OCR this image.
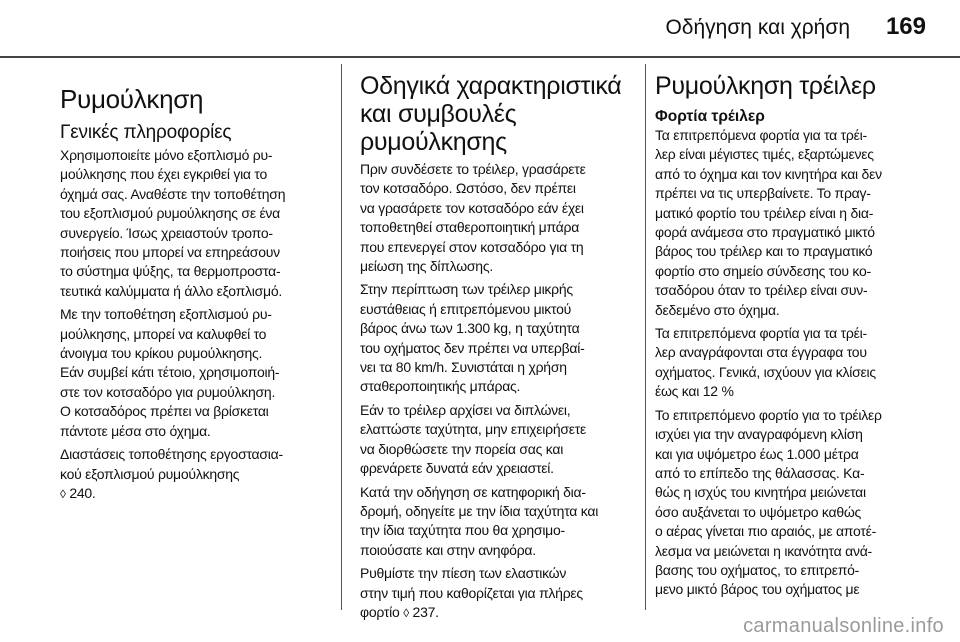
Οδήγηση και χρήση 169
Ρυμούλκηση
Γενικές πληροφορίες

Χρησιμοποιείτε μόνο εξοπλισμό ρυ-
μούλκησης που έχει εγκριθεί για το
όχημά σας. Αναθέστε την τοποθέτηση
του εξοπλισμού ρυμούλκησης σε ένα
συνεργείο. Ίσως χρειαστούν τροπο-
ποιήσεις που μπορεί να επηρεάσουν
το σύστημα ψύξης, τα θερμοπροστα-
τευτικά καλύμματα ή άλλο εξοπλισμό.

Με την τοποθέτηση εξοπλισμού ρυ-
μούλκησης, μπορεί να καλυφθεί το
άνοιγμα του κρίκου ρυμούλκησης.
Εάν συμβεί κάτι τέτοιο, χρησιμοποιή-
στε τον κοτσαδόρο για ρυμούλκηση.
Ο κοτσαδόρος πρέπει να βρίσκεται
πάντοτε μέσα στο όχημα.

Διαστάσεις τοποθέτησης εργοστασια-
κού εξοπλισμού ρυμούλκησης
◊ 240.

Οδηγικά χαρακτηριστικά
και συμβουλές
ρυμούλκησης

Πριν συνδέσετε το τρέιλερ, γρασάρετε
τον κοτσαδόρο. Ωστόσο, δεν πρέπει
να γρασάρετε τον κοτσαδόρο εάν έχει
τοποθετηθεί σταθεροποιητική μπάρα
που επενεργεί στον κοτσαδόρο για τη
μείωση της δίπλωσης.

Στην περίπτωση των τρέιλερ μικρής
ευστάθειας ή επιτρεπόμενου μικτού
βάρος άνω των 1.300 kg, η ταχύτητα
του οχήματος δεν πρέπει να υπερβαί-
νει τα 80 km/h. Συνιστάται η χρήση
σταθεροποιητικής μπάρας.

Εάν το τρέιλερ αρχίσει να διπλώνει,
ελαττώστε ταχύτητα, μην επιχειρήσετε
να διορθώσετε την πορεία σας και
φρενάρετε δυνατά εάν χρειαστεί.

Κατά την οδήγηση σε κατηφορική δια-
δρομή, οδηγείτε με την ίδια ταχύτητα και
την ίδια ταχύτητα που θα χρησιμο-
ποιούσατε και στην ανηφόρα.

Ρυθμίστε την πίεση των ελαστικών
στην τιμή που καθορίζεται για πλήρες
φορτίο ◊ 237.

Ρυμούλκηση τρέιλερ
Φορτία τρέιλερ

Τα επιτρεπόμενα φορτία για τα τρέι-
λερ είναι μέγιστες τιμές, εξαρτώμενες
από το όχημα και τον κινητήρα και δεν
πρέπει να τις υπερβαίνετε. Το πραγ-
ματικό φορτίο του τρέιλερ είναι η δια-
φορά ανάμεσα στο πραγματικό μικτό
βάρος του τρέιλερ και το πραγματικό
φορτίο στο σημείο σύνδεσης του κο-
τσαδόρου όταν το τρέιλερ είναι συν-
δεδεμένο στο όχημα.

Τα επιτρεπόμενα φορτία για τα τρέι-
λερ αναγράφονται στα έγγραφα του
οχήματος. Γενικά, ισχύουν για κλίσεις
έως και 12 %

Το επιτρεπόμενο φορτίο για το τρέιλερ
ισχύει για την αναγραφόμενη κλίση
και για υψόμετρο έως 1.000 μέτρα
από το επίπεδο της θάλασσας. Κα-
θώς η ισχύς του κινητήρα μειώνεται
όσο αυξάνεται το υψόμετρο καθώς
ο αέρας γίνεται πιο αραιός, με αποτέ-
λεσμα να μειώνεται η ικανότητα ανά-
βασης του οχήματος, το επιτρεπό-
μενο μικτό βάρος του οχήματος με

carmanualsonline.info
